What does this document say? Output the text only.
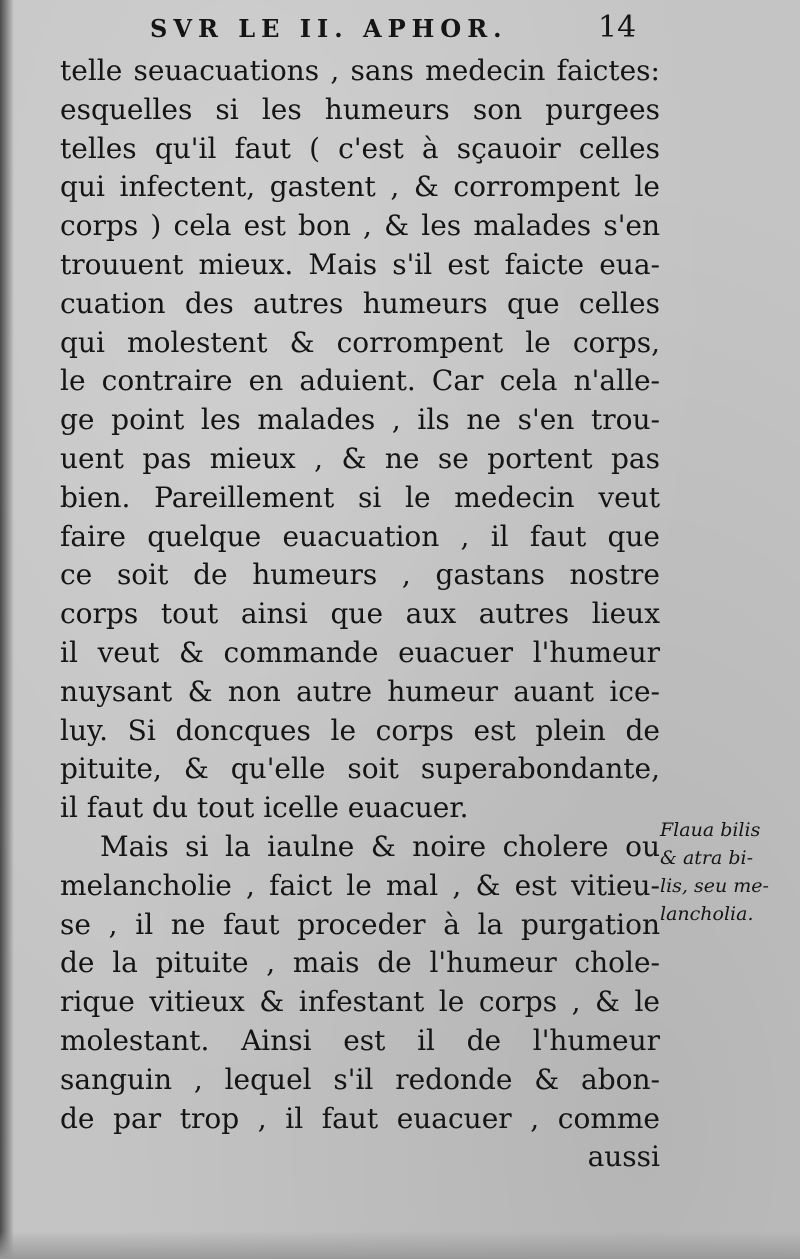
SVR LE II. APHOR.	14
telle seuacuations , sans medecin faictes:
esquelles si les humeurs son purgees
telles qu'il faut ( c'est à sçauoir celles
qui infectent, gastent , & corrompent le
corps ) cela est bon , & les malades s'en
trouuent mieux. Mais s'il est faicte eua-
cuation des autres humeurs que celles
qui molestent & corrompent le corps,
le contraire en aduient. Car cela n'alle-
ge point les malades , ils ne s'en trou-
uent pas mieux , & ne se portent pas
bien. Pareillement si le medecin veut
faire quelque euacuation , il faut que
ce soit de humeurs , gastans nostre
corps tout ainsi que aux autres lieux
il veut & commande euacuer l'humeur
nuysant & non autre humeur auant ice-
luy. Si doncques le corps est plein de
pituite, & qu'elle soit superabondante,
il faut du tout icelle euacuer.
Mais si la iaulne & noire cholere ou
melancholie , faict le mal , & est vitieu-
se , il ne faut proceder à la purgation
de la pituite , mais de l'humeur chole-
rique vitieux & infestant le corps , & le
molestant. Ainsi est il de l'humeur
sanguin , lequel s'il redonde & abon-
de par trop , il faut euacuer , comme
aussi
Flaua bilis
& atra bi-
lis, seu me-
lancholia.
